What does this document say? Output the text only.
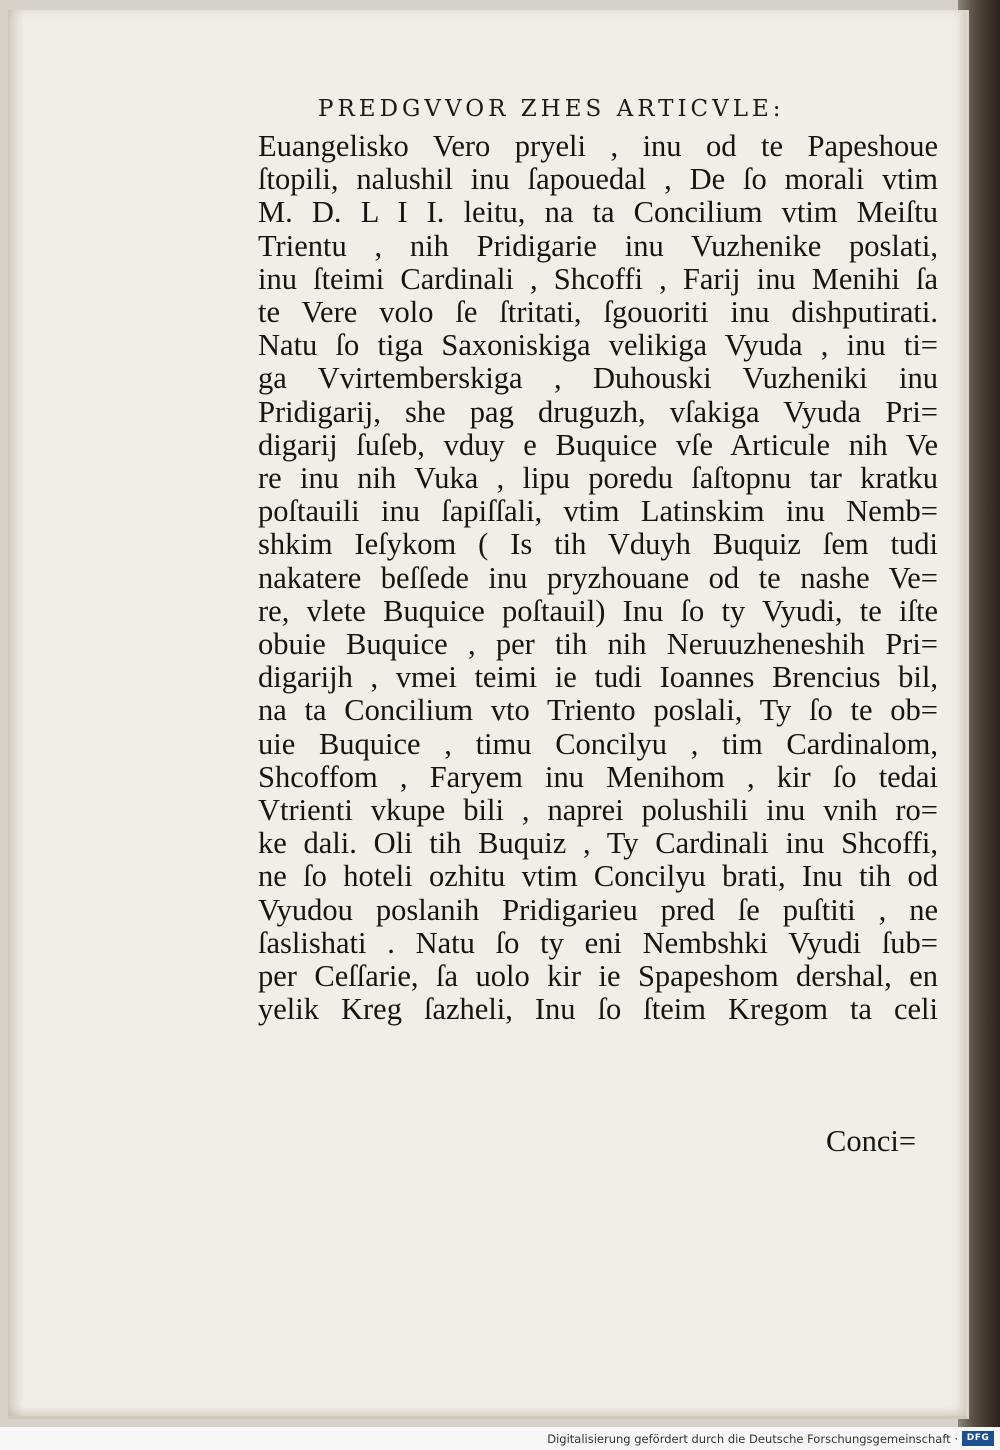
PREDGVVOR ZHES ARTICVLE:
Euangelisko Vero pryeli , inu od te Papeshoue
ſtopili, nalushil inu ſapouedal , De ſo morali vtim
M. D. L I I. leitu, na ta Concilium vtim Meiſtu
Trientu , nih Pridigarie inu Vuzhenike poslati,
inu ſteimi Cardinali , Shcoffi , Farij inu Menihi ſa
te Vere volo ſe ſtritati, ſgouoriti inu dishputirati.
Natu ſo tiga Saxoniskiga velikiga Vyuda , inu ti=
ga Vvirtemberskiga , Duhouski Vuzheniki inu
Pridigarij, she pag druguzh, vſakiga Vyuda Pri=
digarij ſuſeb, vduy e Buquice vſe Articule nih Ve
re inu nih Vuka , lipu poredu ſaſtopnu tar kratku
poſtauili inu ſapiſſali, vtim Latinskim inu Nemb=
shkim Ieſykom ( Is tih Vduyh Buquiz ſem tudi
nakatere beſſede inu pryzhouane od te nashe Ve=
re, vlete Buquice poſtauil) Inu ſo ty Vyudi, te iſte
obuie Buquice , per tih nih Neruuzheneshih Pri=
digarijh , vmei teimi ie tudi Ioannes Brencius bil,
na ta Concilium vto Triento poslali, Ty ſo te ob=
uie Buquice , timu Concilyu , tim Cardinalom,
Shcoffom , Faryem inu Menihom , kir ſo tedai
Vtrienti vkupe bili , naprei polushili inu vnih ro=
ke dali. Oli tih Buquiz , Ty Cardinali inu Shcoffi,
ne ſo hoteli ozhitu vtim Concilyu brati, Inu tih od
Vyudou poslanih Pridigarieu pred ſe puſtiti , ne
ſaslishati . Natu ſo ty eni Nembshki Vyudi ſub=
per Ceſſarie, ſa uolo kir ie Spapeshom dershal, en
yelik Kreg ſazheli, Inu ſo ſteim Kregom ta celi
Conci=
Digitalisierung gefördert durch die Deutsche Forschungsgemeinschaft · DFG
